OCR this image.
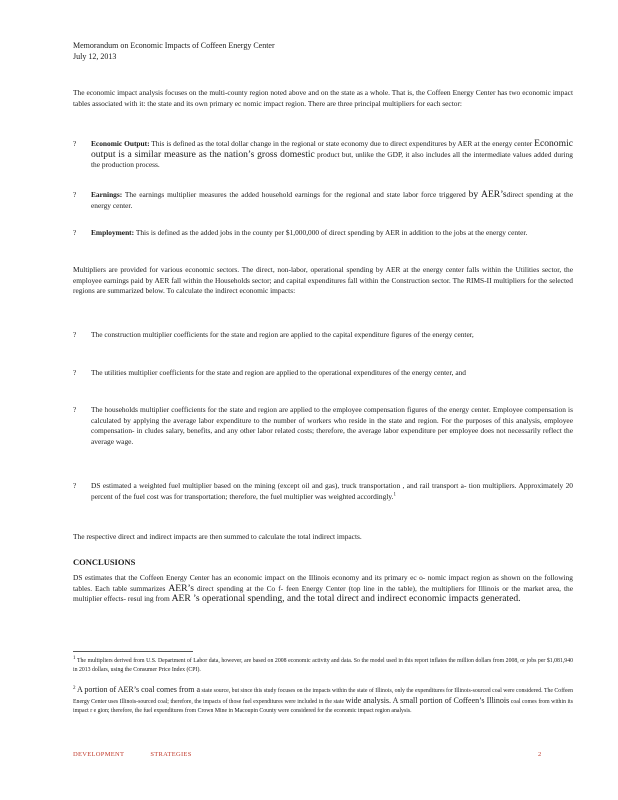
Memorandum on Economic Impacts of Coffeen Energy Center
July 12, 2013

The economic impact analysis focuses on the multi-county region noted above and on the state as a whole. That is, the Coffeen Energy Center has two economic impact tables associated with it: the state and its own primary ec nomic impact region. There are three principal multipliers for each sector:

?	Economic Output: This is defined as the total dollar change in the regional or state economy due to direct expenditures by AER at the energy center Economic output is a similar measure as the nation’s gross domestic product but, unlike the GDP, it also includes all the intermediate values added during the production process.
?	Earnings: The earnings multiplier measures the added household earnings for the regional and state labor force triggered by AER’sdirect spending at the energy center.
?	Employment: This is defined as the added jobs in the county per $1,000,000 of direct spending by AER in addition to the jobs at the energy center.

Multipliers are provided for various economic sectors. The direct, non-labor, operational spending by AER at the energy center falls within the Utilities sector, the employee earnings paid by AER fall within the Households sector; and capital expenditures fall within the Construction sector. The RIMS-II multipliers for the selected regions are summarized below. To calculate the indirect economic impacts:

?	The construction multiplier coefficients for the state and region are applied to the capital expenditure figures of the energy center,
?	The utilities multiplier coefficients for the state and region are applied to the operational expenditures of the energy center, and
?	The households multiplier coefficients for the state and region are applied to the employee compensation figures of the energy center. Employee compensation is calculated by applying the average labor expenditure to the number of workers who reside in the state and region. For the purposes of this analysis, employee compensation- in cludes salary, benefits, and any other labor related costs; therefore, the average labor expenditure per employee does not necessarily reflect the average wage.
?	DS estimated a weighted fuel multiplier based on the mining (except oil and gas), truck transportation , and rail transport a- tion multipliers. Approximately 20 percent of the fuel cost was for transportation; therefore, the fuel multiplier was weighted accordingly.$^1$

The respective direct and indirect impacts are then summed to calculate the total indirect impacts.

CONCLUSIONS

DS estimates that the Coffeen Energy Center has an economic impact on the Illinois economy and its primary ec o- nomic impact region as shown on the following tables. Each table summarizes AER’s direct spending at the Co f- feen Energy Center (top line in the table), the multipliers for Illinois or the market area, the multiplier effects- resul ing from AER ’s operational spending, and the total direct and indirect economic impacts generated.

$^1$ The multipliers derived from U.S. Department of Labor data, however, are based on 2008 economic activity and data. So the model used in this report inflates the million dollars from 2008, or jobs per $1,081,940 in 2013 dollars, using the Consumer Price Index (CPI).
$^2$ A portion of AER’s coal comes from a state source, but since this study focuses on the impacts within the state of Illinois, only the expenditures for Illinois-sourced coal were considered. The Coffeen Energy Center uses Illinois-sourced coal; therefore, the impacts of those fuel expenditures were included in the state wide analysis. A small portion of Coffeen’s Illinois coal comes from within its impact r e gion; therefore, the fuel expenditures from Crown Mine in Macoupin County were considered for the economic impact region analysis.
DEVELOPMENT	STRATEGIES	2
